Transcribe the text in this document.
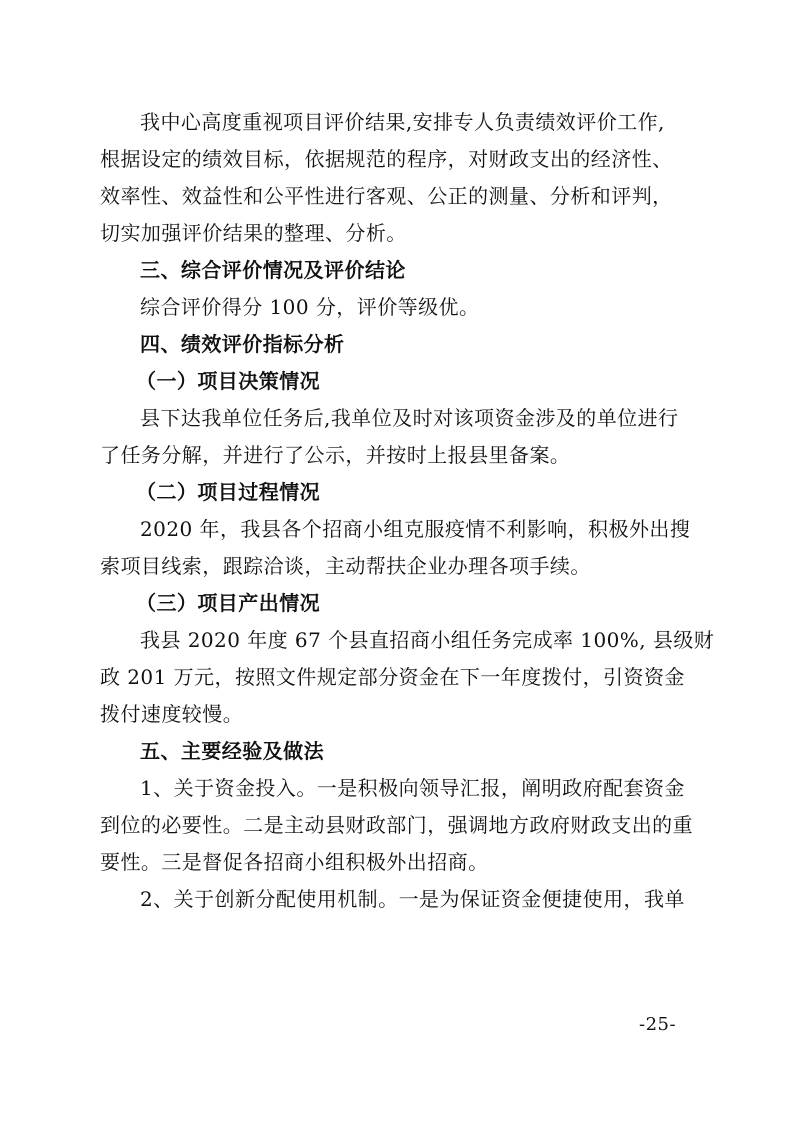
我中心高度重视项目评价结果,安排专人负责绩效评价工作,
根据设定的绩效目标，依据规范的程序，对财政支出的经济性、
效率性、效益性和公平性进行客观、公正的测量、分析和评判，
切实加强评价结果的整理、分析。
三、综合评价情况及评价结论
综合评价得分 100 分，评价等级优。
四、绩效评价指标分析
（一）项目决策情况
县下达我单位任务后,我单位及时对该项资金涉及的单位进行
了任务分解，并进行了公示，并按时上报县里备案。
（二）项目过程情况
2020 年，我县各个招商小组克服疫情不利影响，积极外出搜
索项目线索，跟踪洽谈，主动帮扶企业办理各项手续。
（三）项目产出情况
我县 2020 年度 67 个县直招商小组任务完成率 100%, 县级财
政 201 万元，按照文件规定部分资金在下一年度拨付，引资资金
拨付速度较慢。
五、主要经验及做法
1、关于资金投入。一是积极向领导汇报，阐明政府配套资金
到位的必要性。二是主动县财政部门，强调地方政府财政支出的重
要性。三是督促各招商小组积极外出招商。
2、关于创新分配使用机制。一是为保证资金便捷使用，我单
-25-
